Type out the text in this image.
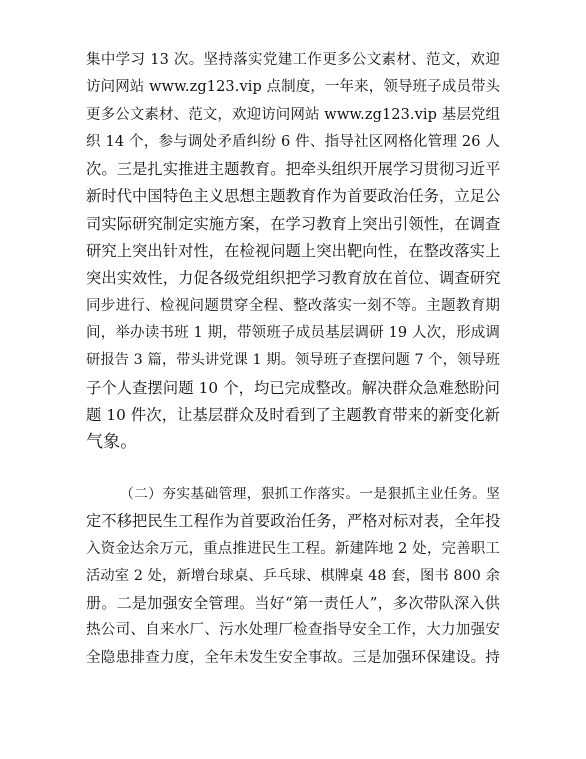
集中学习 13 次。坚持落实党建工作更多公文素材、范文，欢迎
访问网站 www.zg123.vip 点制度，一年来，领导班子成员带头
更多公文素材、范文，欢迎访问网站 www.zg123.vip 基层党组
织 14 个，参与调处矛盾纠纷 6 件、指导社区网格化管理 26 人
次。三是扎实推进主题教育。把牵头组织开展学习贯彻习近平
新时代中国特色主义思想主题教育作为首要政治任务，立足公
司实际研究制定实施方案，在学习教育上突出引领性，在调查
研究上突出针对性，在检视问题上突出靶向性，在整改落实上
突出实效性，力促各级党组织把学习教育放在首位、调查研究
同步进行、检视问题贯穿全程、整改落实一刻不等。主题教育期
间，举办读书班 1 期，带领班子成员基层调研 19 人次，形成调
研报告 3 篇，带头讲党课 1 期。领导班子查摆问题 7 个，领导班
子个人查摆问题 10 个，均已完成整改。解决群众急难愁盼问
题 10 件次，让基层群众及时看到了主题教育带来的新变化新
气象。
（二）夯实基础管理，狠抓工作落实。一是狠抓主业任务。坚
定不移把民生工程作为首要政治任务，严格对标对表，全年投
入资金达余万元，重点推进民生工程。新建阵地 2 处，完善职工
活动室 2 处，新增台球桌、乒乓球、棋牌桌 48 套，图书 800 余
册。二是加强安全管理。当好“第一责任人”，多次带队深入供
热公司、自来水厂、污水处理厂检查指导安全工作，大力加强安
全隐患排查力度，全年未发生安全事故。三是加强环保建设。持
